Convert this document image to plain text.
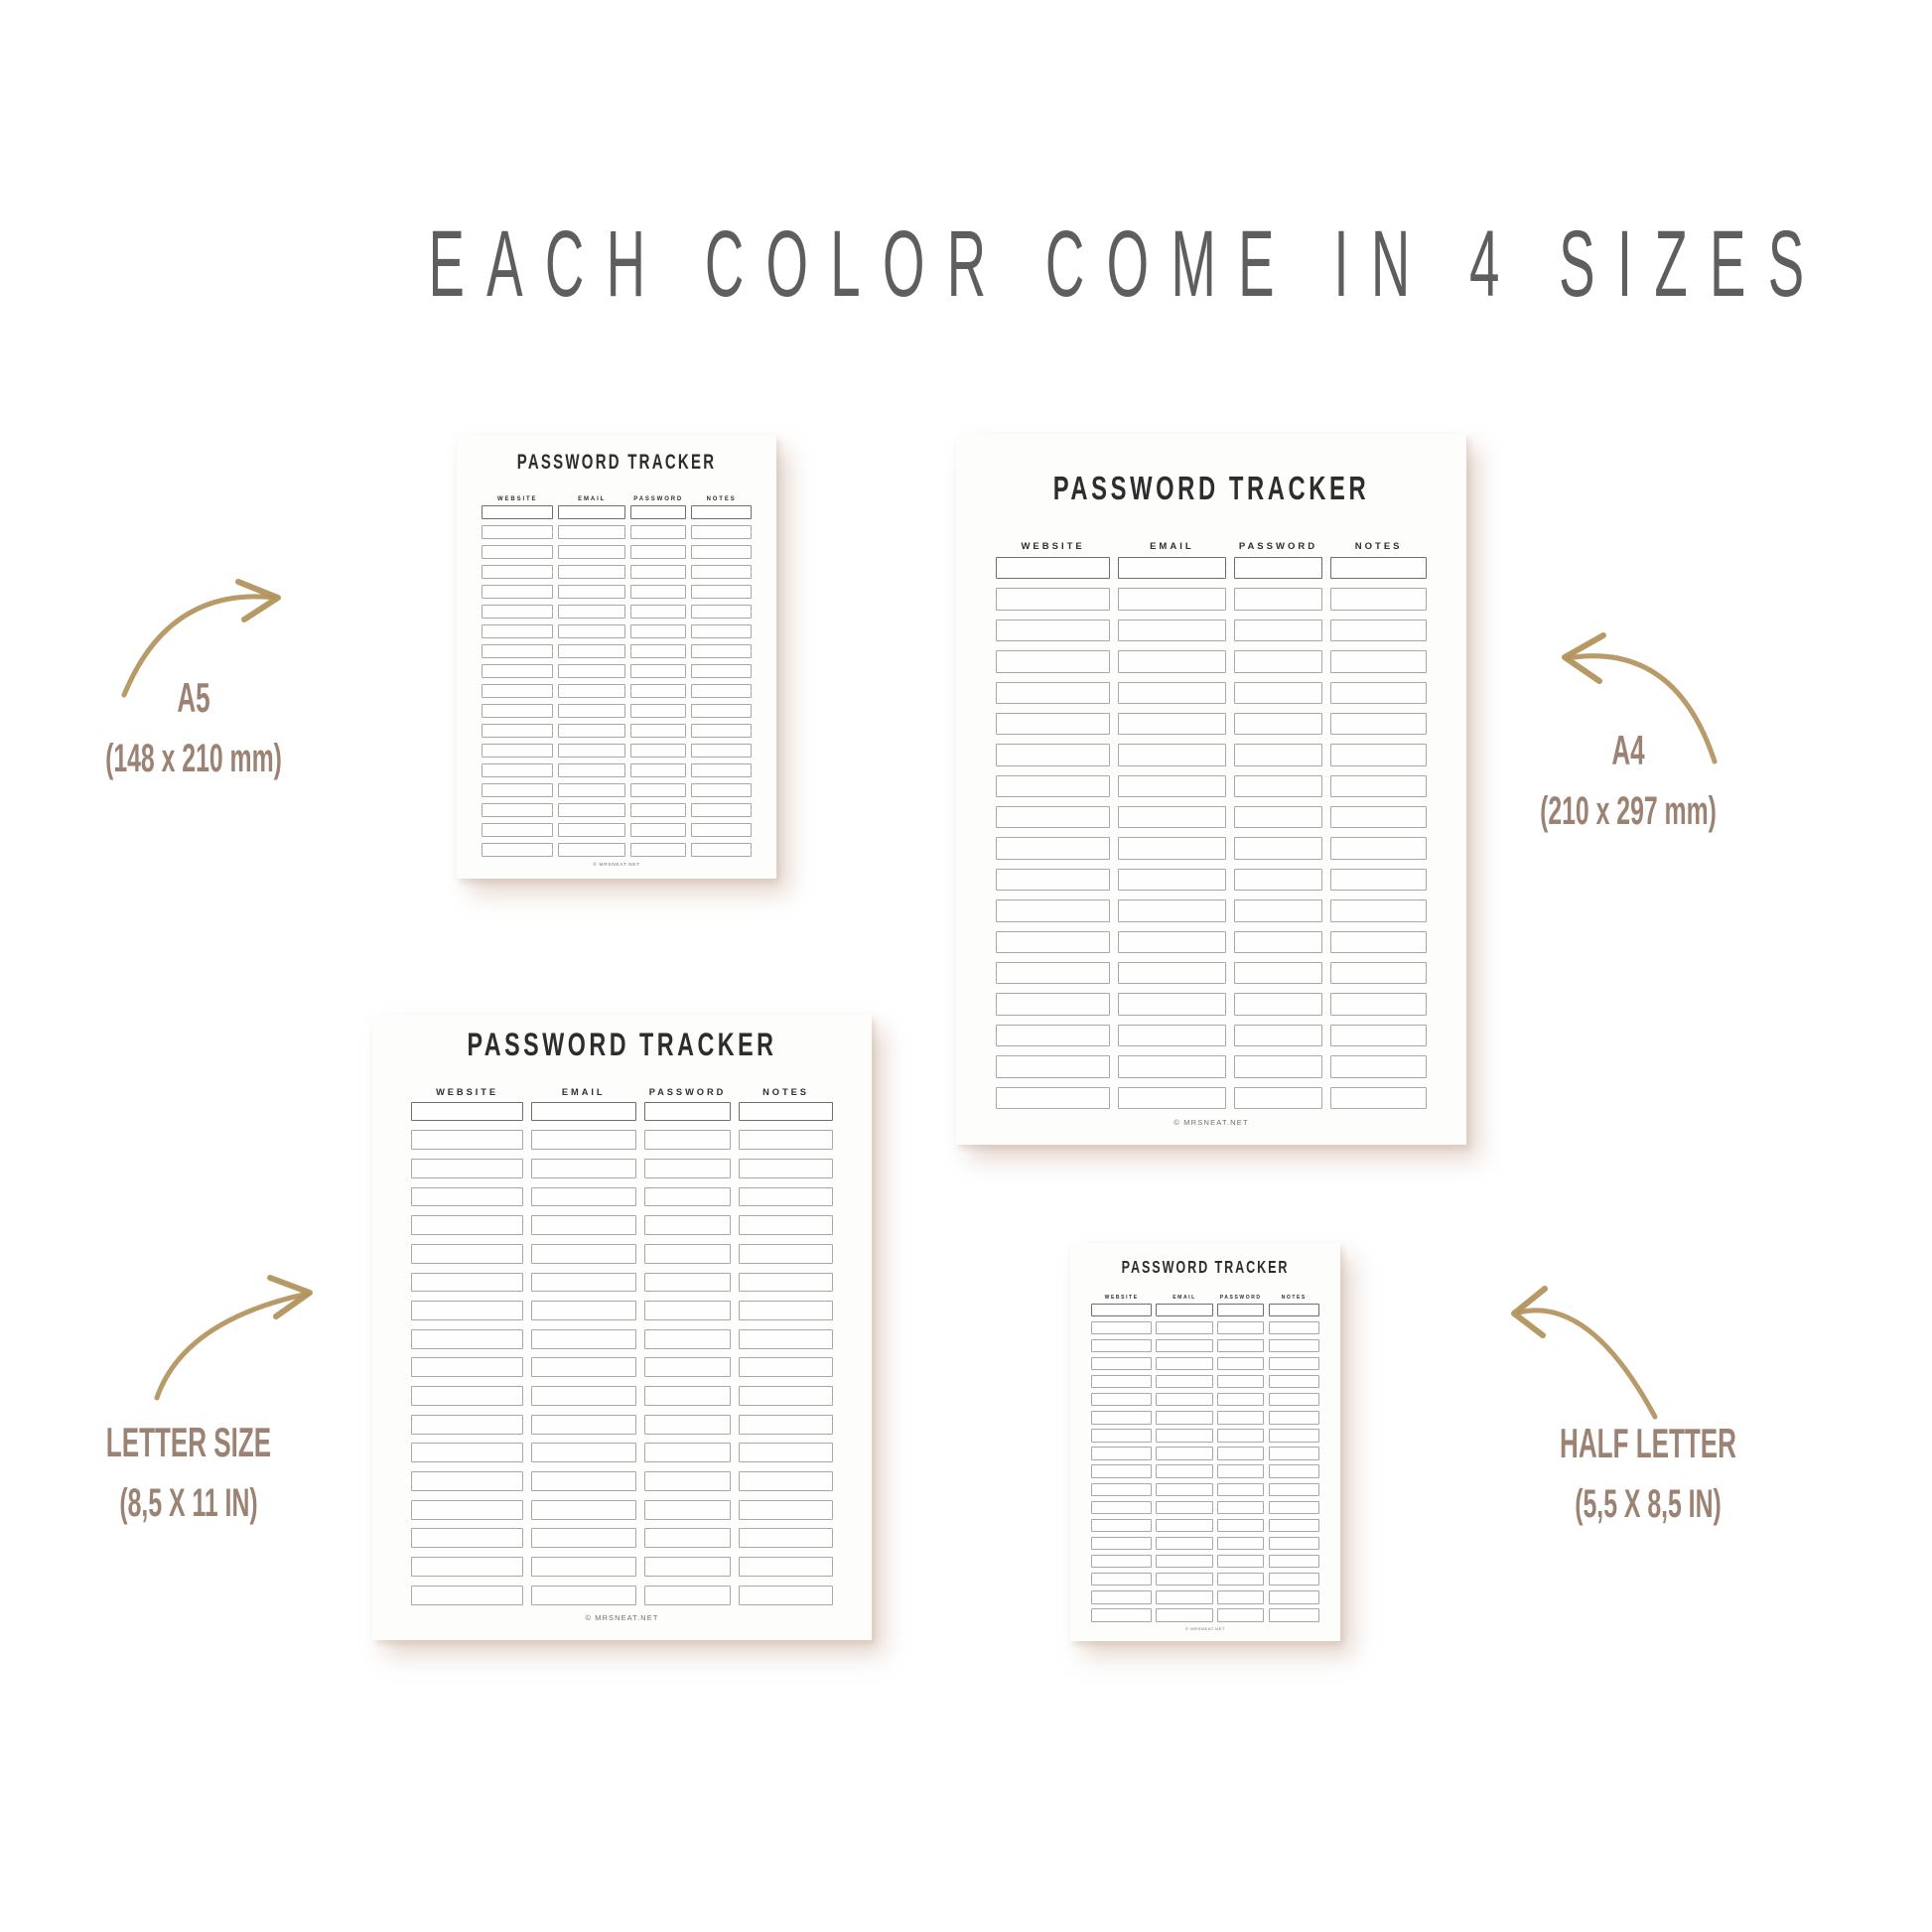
EACH COLOR COME IN 4 SIZES
PASSWORD TRACKER
WEBSITE	EMAIL	PASSWORD	NOTES
© MRSNEAT.NET
PASSWORD TRACKER
WEBSITE	EMAIL	PASSWORD	NOTES
© MRSNEAT.NET
PASSWORD TRACKER
WEBSITE	EMAIL	PASSWORD	NOTES
© MRSNEAT.NET
PASSWORD TRACKER
WEBSITE	EMAIL	PASSWORD	NOTES
© MRSNEAT.NET
A5
(148 x 210 mm)	A4
(210 x 297 mm)
LETTER SIZE
(8,5 X 11 IN)
HALF LETTER
(5,5 X 8,5 IN)
